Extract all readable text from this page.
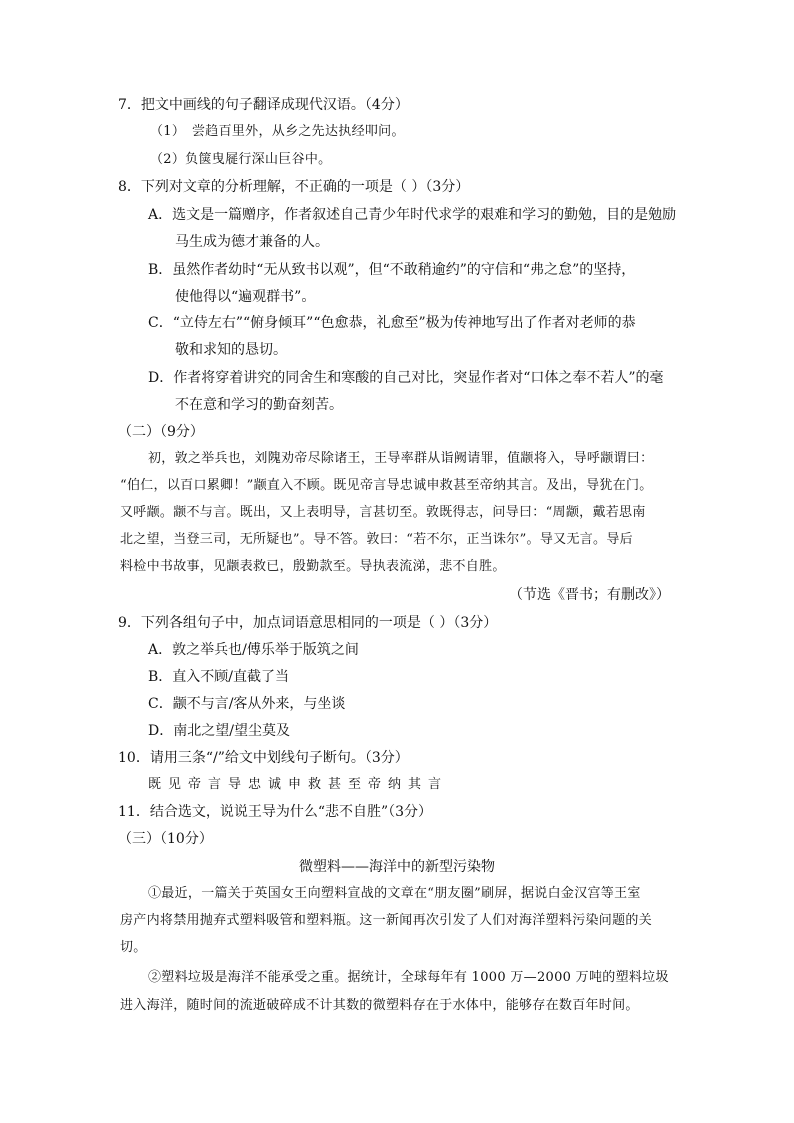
7．把文中画线的句子翻译成现代汉语。（4分）
（1）　尝趋百里外，从乡之先达执经叩问。
（2）负箧曳屣行深山巨谷中。
8．下列对文章的分析理解，不正确的一项是（ ）（3分）
A．选文是一篇赠序，作者叙述自己青少年时代求学的艰难和学习的勤勉，目的是勉励
马生成为德才兼备的人。
B．虽然作者幼时“无从致书以观”，但“不敢稍逾约”的守信和“弗之怠”的坚持，
使他得以“遍观群书”。
C．“立侍左右”“俯身倾耳”“色愈恭，礼愈至”极为传神地写出了作者对老师的恭
敬和求知的恳切。
D．作者将穿着讲究的同舍生和寒酸的自己对比，突显作者对“口体之奉不若人”的毫
不在意和学习的勤奋刻苦。
（二）（9分）
初，敦之举兵也，刘隗劝帝尽除诸王，王导率群从诣阙请罪，值颛将入，导呼颛谓曰：
“伯仁，以百口累卿！”颛直入不顾。既见帝言导忠诚申救甚至帝纳其言。及出，导犹在门。
又呼颛。颛不与言。既出，又上表明导，言甚切至。敦既得志，问导曰：“周颛，戴若思南
北之望，当登三司，无所疑也”。导不答。敦曰：“若不尔，正当诛尔”。导又无言。导后
料检中书故事，见颛表救已，殷勤款至。导执表流涕，悲不自胜。
（节选《晋书；有删改》）
9．下列各组句子中，加点词语意思相同的一项是（ ）（3分）
A．敦之举兵也/傅乐举于版筑之间
B．直入不顾/直截了当
C．颛不与言/客从外来，与坐谈
D．南北之望/望尘莫及
10．请用三条“/”给文中划线句子断句。（3分）
既见帝言导忠诚申救甚至帝纳其言
11．结合选文，说说王导为什么“悲不自胜”（3分）
（三）（10分）
微塑料——海洋中的新型污染物
①最近，一篇关于英国女王向塑料宣战的文章在“朋友圈”刷屏，据说白金汉宫等王室
房产内将禁用抛弃式塑料吸管和塑料瓶。这一新闻再次引发了人们对海洋塑料污染问题的关
切。
②塑料垃圾是海洋不能承受之重。据统计，全球每年有 1000 万—2000 万吨的塑料垃圾
进入海洋，随时间的流逝破碎成不计其数的微塑料存在于水体中，能够存在数百年时间。
